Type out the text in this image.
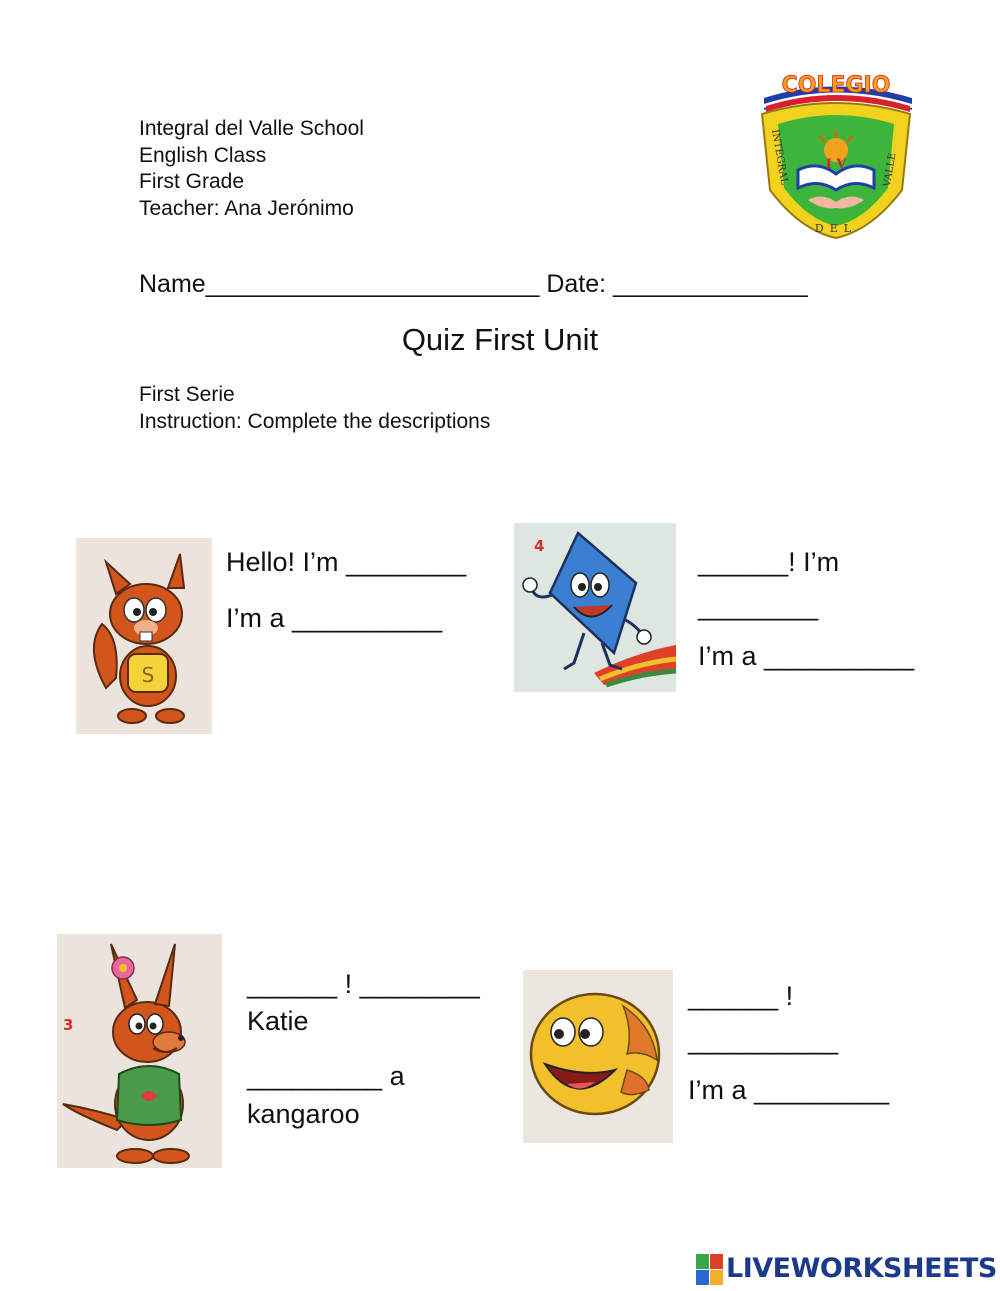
Integral del Valle School
English Class
First Grade
Teacher: Ana Jerónimo
I V
COLEGIO
INTEGRAL
DEL
VALLE
Name________________________ Date: ______________
Quiz First Unit
First Serie
Instruction: Complete the descriptions
S
Hello! I’m ________
I’m a __________
4
______! I’m
________
I’m a __________
3
______ ! ________
Katie
_________ a
kangaroo
______ !
__________
I’m a _________
LIVEWORKSHEETS
